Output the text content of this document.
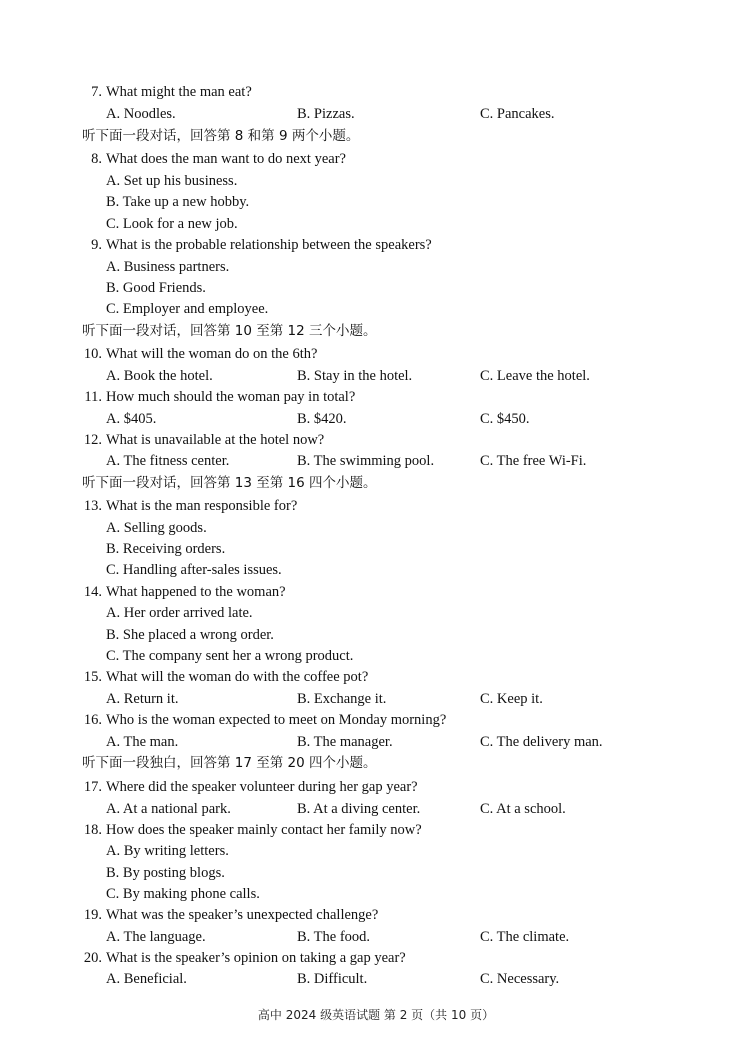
7. What might the man eat?
A. Noodles.	B. Pizzas.	C. Pancakes.
听下面一段对话，回答第 8 和第 9 两个小题。
8. What does the man want to do next year?
A. Set up his business.
B. Take up a new hobby.
C. Look for a new job.
9. What is the probable relationship between the speakers?
A. Business partners.
B. Good Friends.
C. Employer and employee.
听下面一段对话，回答第 10 至第 12 三个小题。
10. What will the woman do on the 6th?
A. Book the hotel.	B. Stay in the hotel.	C. Leave the hotel.
11. How much should the woman pay in total?
A. $405.	B. $420.	C. $450.
12. What is unavailable at the hotel now?
A. The fitness center.	B. The swimming pool.	C. The free Wi-Fi.
听下面一段对话，回答第 13 至第 16 四个小题。
13. What is the man responsible for?
A. Selling goods.
B. Receiving orders.
C. Handling after-sales issues.
14. What happened to the woman?
A. Her order arrived late.
B. She placed a wrong order.
C. The company sent her a wrong product.
15. What will the woman do with the coffee pot?
A. Return it.	B. Exchange it.	C. Keep it.
16. Who is the woman expected to meet on Monday morning?
A. The man.	B. The manager.	C. The delivery man.
听下面一段独白，回答第 17 至第 20 四个小题。
17. Where did the speaker volunteer during her gap year?
A. At a national park.	B. At a diving center.	C. At a school.
18. How does the speaker mainly contact her family now?
A. By writing letters.
B. By posting blogs.
C. By making phone calls.
19. What was the speaker’s unexpected challenge?
A. The language.	B. The food.	C. The climate.
20. What is the speaker’s opinion on taking a gap year?
A. Beneficial.	B. Difficult.	C. Necessary.
高中 2024 级英语试题 第 2 页（共 10 页）
